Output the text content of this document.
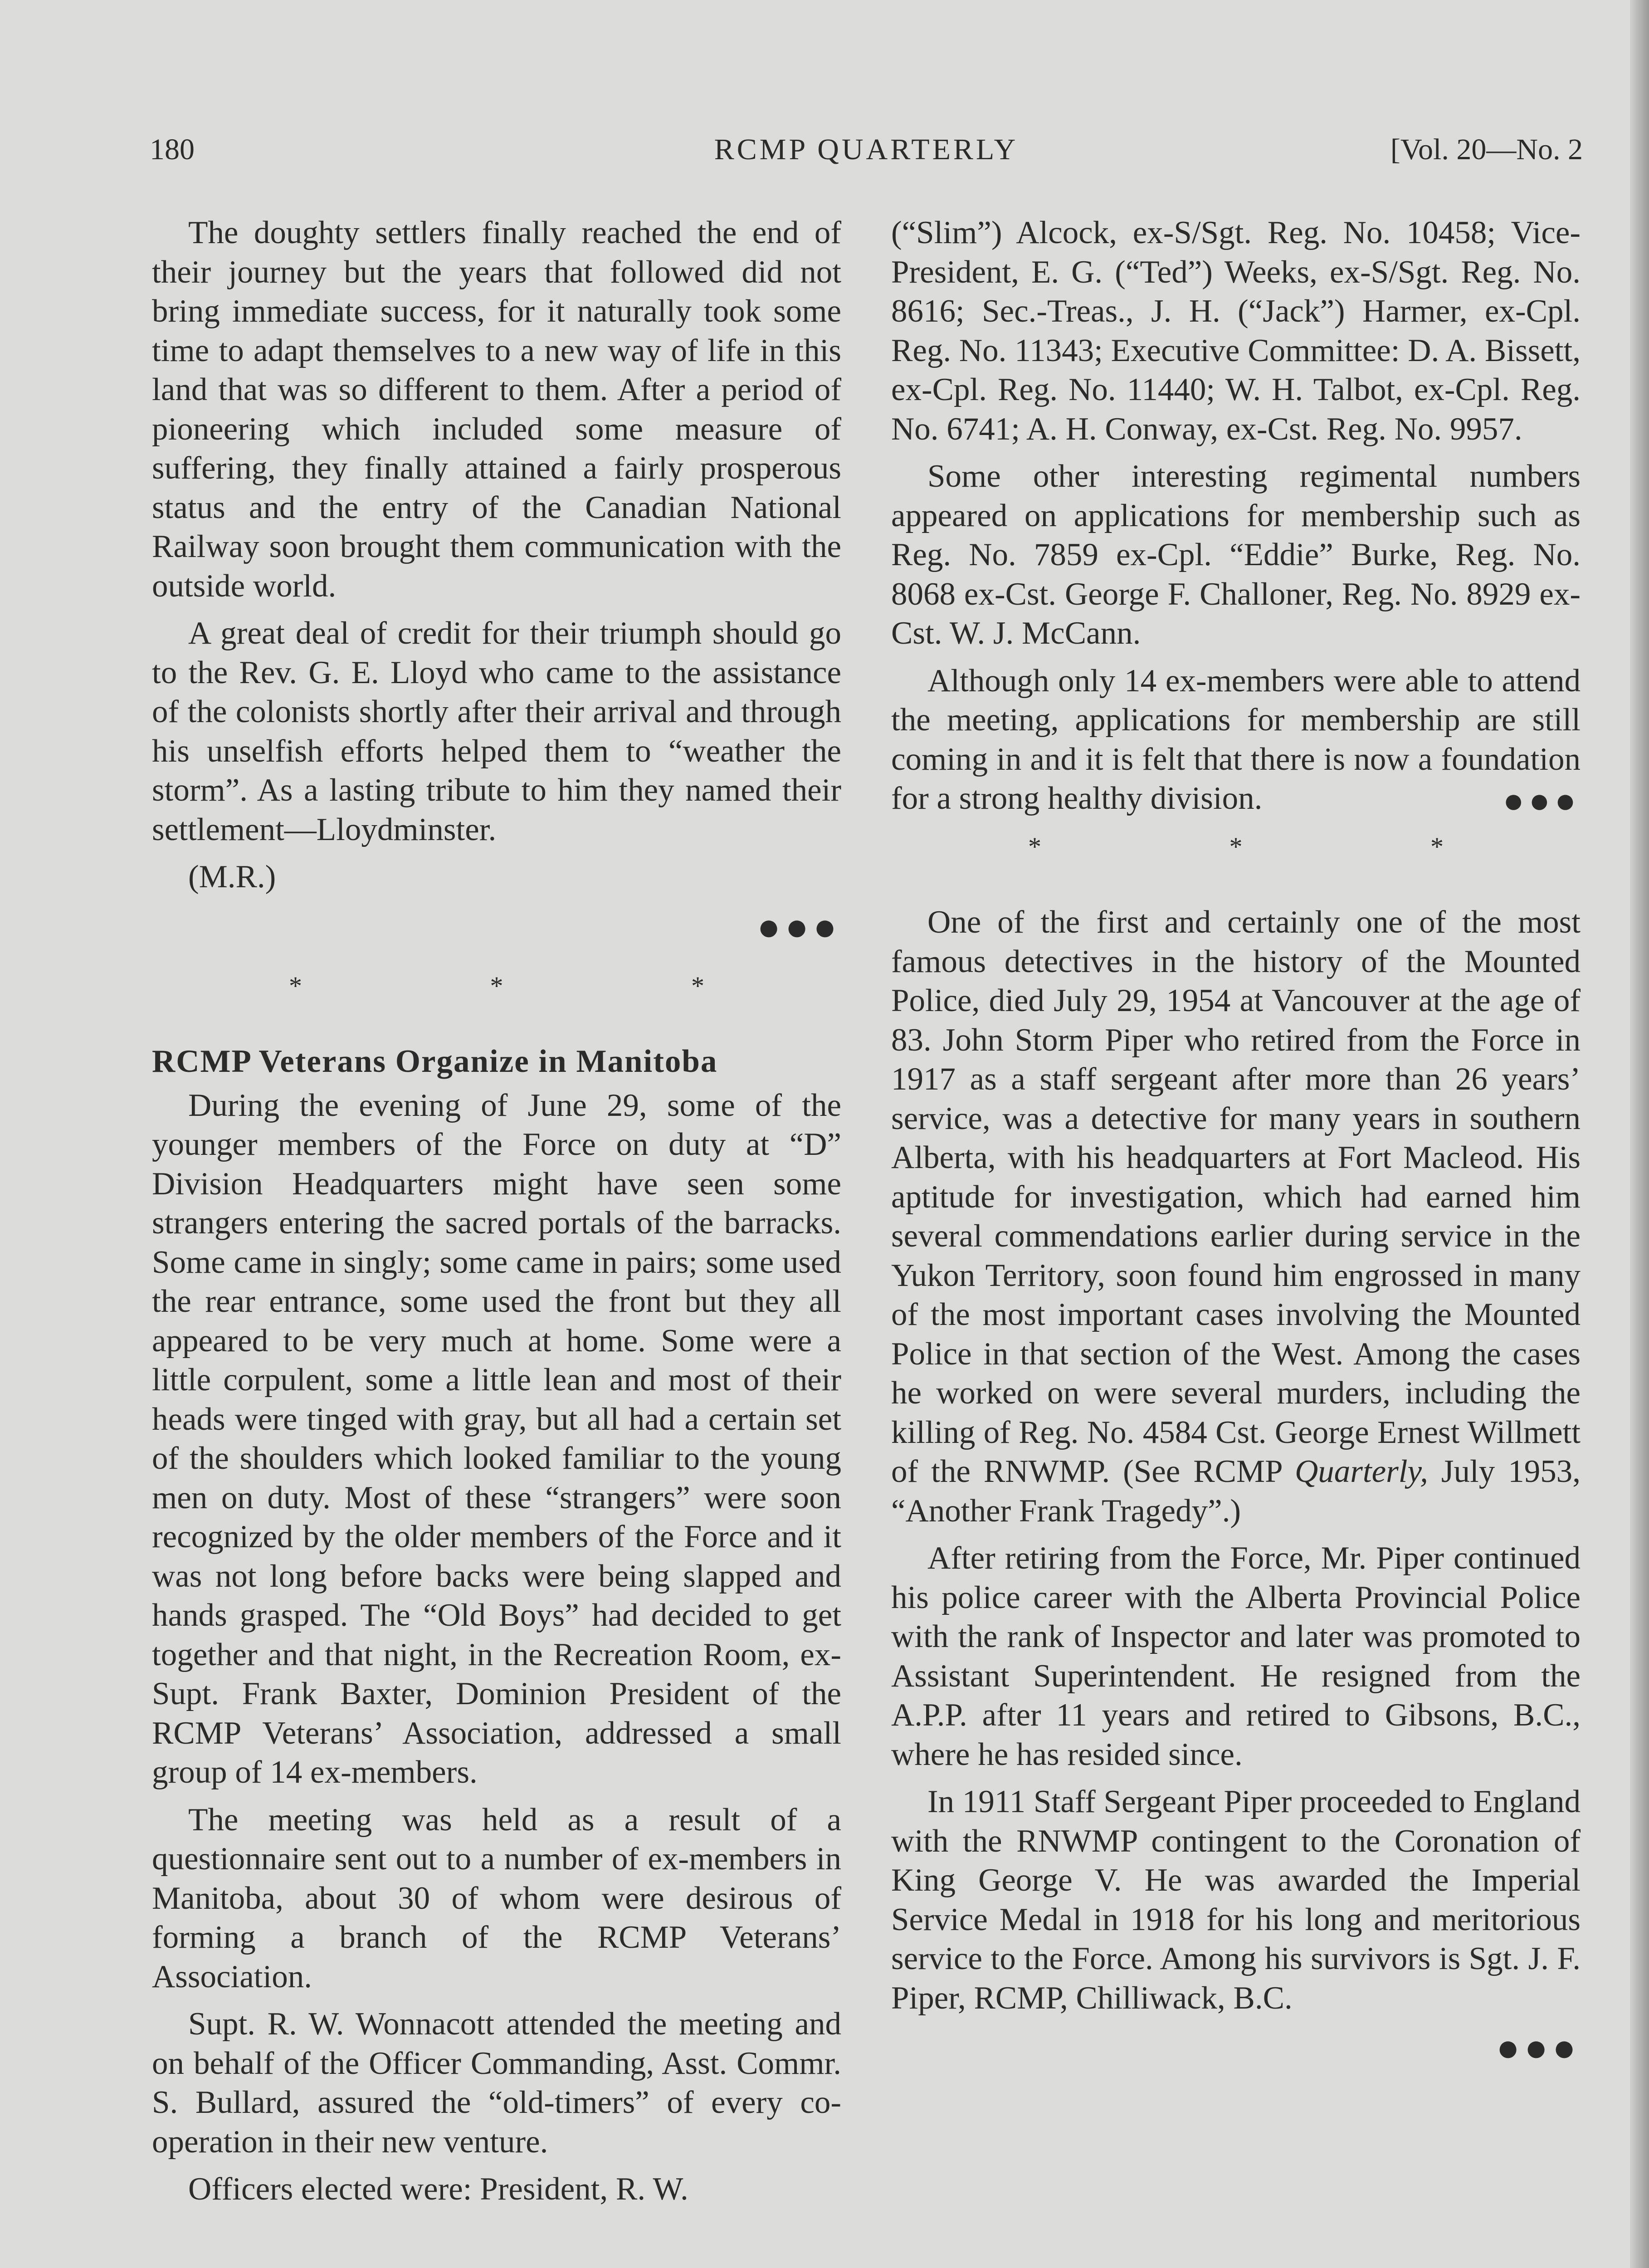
180	RCMP QUARTERLY	[Vol. 20—No. 2

The doughty settlers finally reached the end of their journey but the years that followed did not bring immediate success, for it naturally took some time to adapt themselves to a new way of life in this land that was so different to them. After a period of pioneering which included some measure of suffering, they finally attained a fairly prosperous status and the entry of the Canadian National Railway soon brought them communication with the outside world.

A great deal of credit for their triumph should go to the Rev. G. E. Lloyd who came to the assistance of the colonists shortly after their arrival and through his unselfish efforts helped them to “weather the storm”. As a lasting tribute to him they named their settlement—Lloydminster.

(M.R.)

●●●
* * *
RCMP Veterans Organize in Manitoba

During the evening of June 29, some of the younger members of the Force on duty at “D” Division Headquarters might have seen some strangers entering the sacred portals of the barracks. Some came in singly; some came in pairs; some used the rear entrance, some used the front but they all appeared to be very much at home. Some were a little corpulent, some a little lean and most of their heads were tinged with gray, but all had a certain set of the shoulders which looked familiar to the young men on duty. Most of these “strangers” were soon recognized by the older members of the Force and it was not long before backs were being slapped and hands grasped. The “Old Boys” had decided to get together and that night, in the Recreation Room, ex-Supt. Frank Baxter, Dominion President of the RCMP Veterans’ Association, addressed a small group of 14 ex-members.

The meeting was held as a result of a questionnaire sent out to a number of ex-members in Manitoba, about 30 of whom were desirous of forming a branch of the RCMP Veterans’ Association.

Supt. R. W. Wonnacott attended the meeting and on behalf of the Officer Commanding, Asst. Commr. S. Bullard, assured the “old-timers” of every co-operation in their new venture.

Officers elected were: President, R. W.

(“Slim”) Alcock, ex-S/Sgt. Reg. No. 10458; Vice-President, E. G. (“Ted”) Weeks, ex-S/Sgt. Reg. No. 8616; Sec.-Treas., J. H. (“Jack”) Harmer, ex-Cpl. Reg. No. 11343; Executive Committee: D. A. Bissett, ex-Cpl. Reg. No. 11440; W. H. Talbot, ex-Cpl. Reg. No. 6741; A. H. Conway, ex-Cst. Reg. No. 9957.

Some other interesting regimental numbers appeared on applications for membership such as Reg. No. 7859 ex-Cpl. “Eddie” Burke, Reg. No. 8068 ex-Cst. George F. Challoner, Reg. No. 8929 ex-Cst. W. J. McCann.

Although only 14 ex-members were able to attend the meeting, applications for membership are still coming in and it is felt that there is now a foundation for a strong healthy division.	●●●

* * *

One of the first and certainly one of the most famous detectives in the history of the Mounted Police, died July 29, 1954 at Vancouver at the age of 83. John Storm Piper who retired from the Force in 1917 as a staff sergeant after more than 26 years’ service, was a detective for many years in southern Alberta, with his headquarters at Fort Macleod. His aptitude for investigation, which had earned him several commendations earlier during service in the Yukon Territory, soon found him engrossed in many of the most important cases involving the Mounted Police in that section of the West. Among the cases he worked on were several murders, including the killing of Reg. No. 4584 Cst. George Ernest Willmett of the RNWMP. (See RCMP Quarterly, July 1953, “Another Frank Tragedy”.)

After retiring from the Force, Mr. Piper continued his police career with the Alberta Provincial Police with the rank of Inspector and later was promoted to Assistant Superintendent. He resigned from the A.P.P. after 11 years and retired to Gibsons, B.C., where he has resided since.

In 1911 Staff Sergeant Piper proceeded to England with the RNWMP contingent to the Coronation of King George V. He was awarded the Imperial Service Medal in 1918 for his long and meritorious service to the Force. Among his survivors is Sgt. J. F. Piper, RCMP, Chilliwack, B.C.

●●●
